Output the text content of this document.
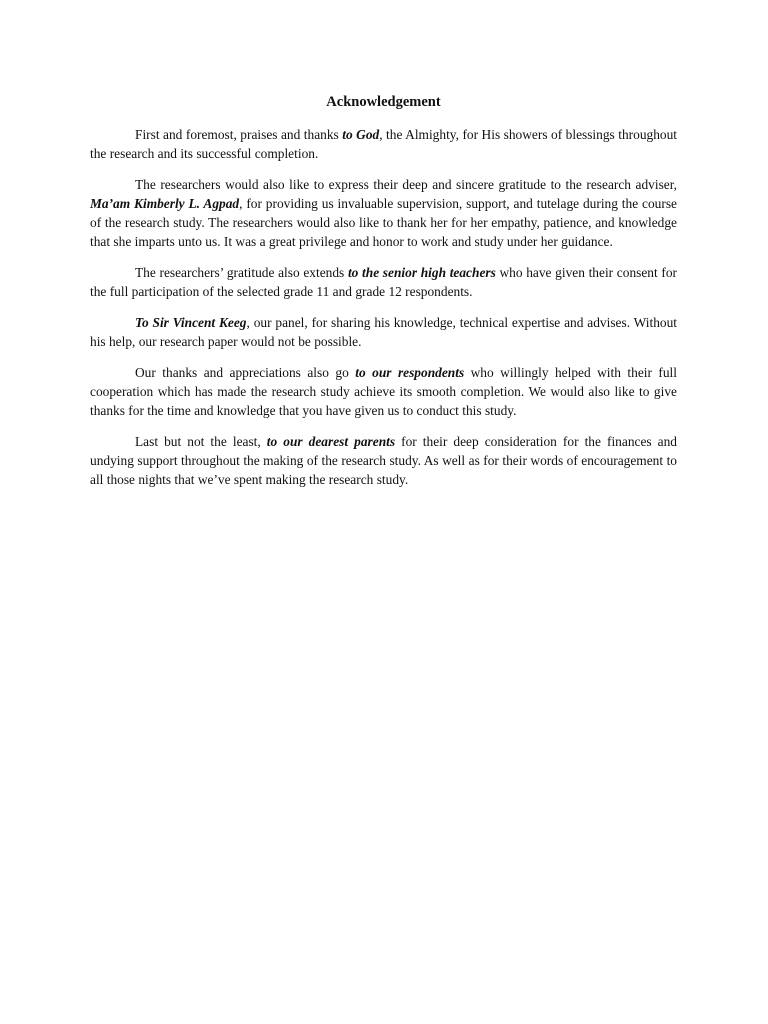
Acknowledgement

First and foremost, praises and thanks to God, the Almighty, for His showers of blessings throughout the research and its successful completion.

The researchers would also like to express their deep and sincere gratitude to the research adviser, Ma’am Kimberly L. Agpad, for providing us invaluable supervision, support, and tutelage during the course of the research study. The researchers would also like to thank her for her empathy, patience, and knowledge that she imparts unto us. It was a great privilege and honor to work and study under her guidance.

The researchers’ gratitude also extends to the senior high teachers who have given their consent for the full participation of the selected grade 11 and grade 12 respondents.

To Sir Vincent Keeg, our panel, for sharing his knowledge, technical expertise and advises. Without his help, our research paper would not be possible.

Our thanks and appreciations also go to our respondents who willingly helped with their full cooperation which has made the research study achieve its smooth completion. We would also like to give thanks for the time and knowledge that you have given us to conduct this study.

Last but not the least, to our dearest parents for their deep consideration for the finances and undying support throughout the making of the research study. As well as for their words of encouragement to all those nights that we’ve spent making the research study.
